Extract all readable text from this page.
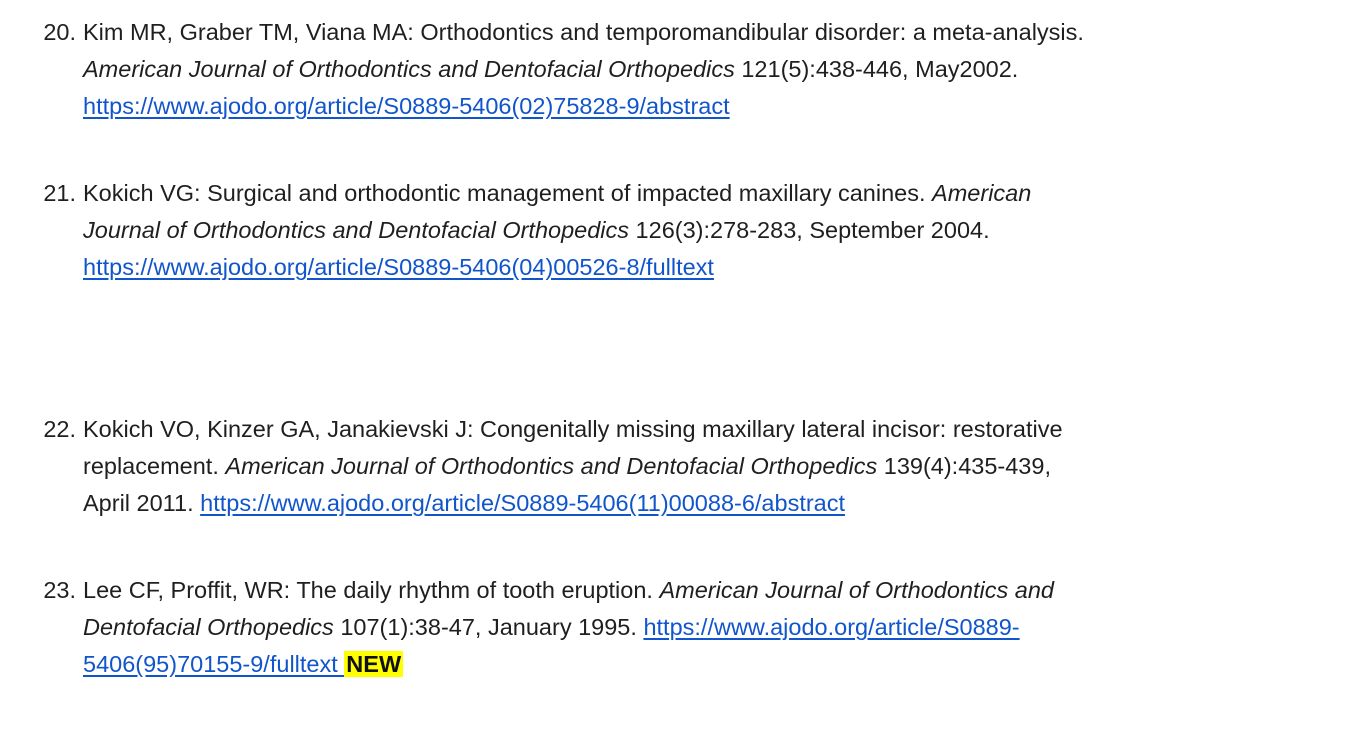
20. Kim MR, Graber TM, Viana MA: Orthodontics and temporomandibular disorder: a meta-analysis.
American Journal of Orthodontics and Dentofacial Orthopedics 121(5):438-446, May2002.
https://www.ajodo.org/article/S0889-5406(02)75828-9/abstract
21. Kokich VG: Surgical and orthodontic management of impacted maxillary canines. American
Journal of Orthodontics and Dentofacial Orthopedics 126(3):278-283, September 2004.
https://www.ajodo.org/article/S0889-5406(04)00526-8/fulltext
22. Kokich VO, Kinzer GA, Janakievski J: Congenitally missing maxillary lateral incisor: restorative
replacement. American Journal of Orthodontics and Dentofacial Orthopedics 139(4):435-439,
April 2011. https://www.ajodo.org/article/S0889-5406(11)00088-6/abstract
23. Lee CF, Proffit, WR: The daily rhythm of tooth eruption. American Journal of Orthodontics and
Dentofacial Orthopedics 107(1):38-47, January 1995. https://www.ajodo.org/article/S0889-
5406(95)70155-9/fulltext NEW
